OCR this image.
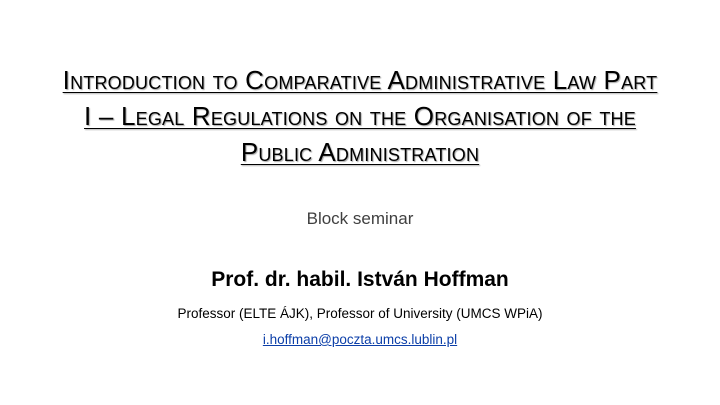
Introduction to Comparative Administrative Law Part I – Legal Regulations on the Organisation of the Public Administration
Block seminar
Prof. dr. habil. István Hoffman
Professor (ELTE ÁJK), Professor of University (UMCS WPiA)
i.hoffman@poczta.umcs.lublin.pl
